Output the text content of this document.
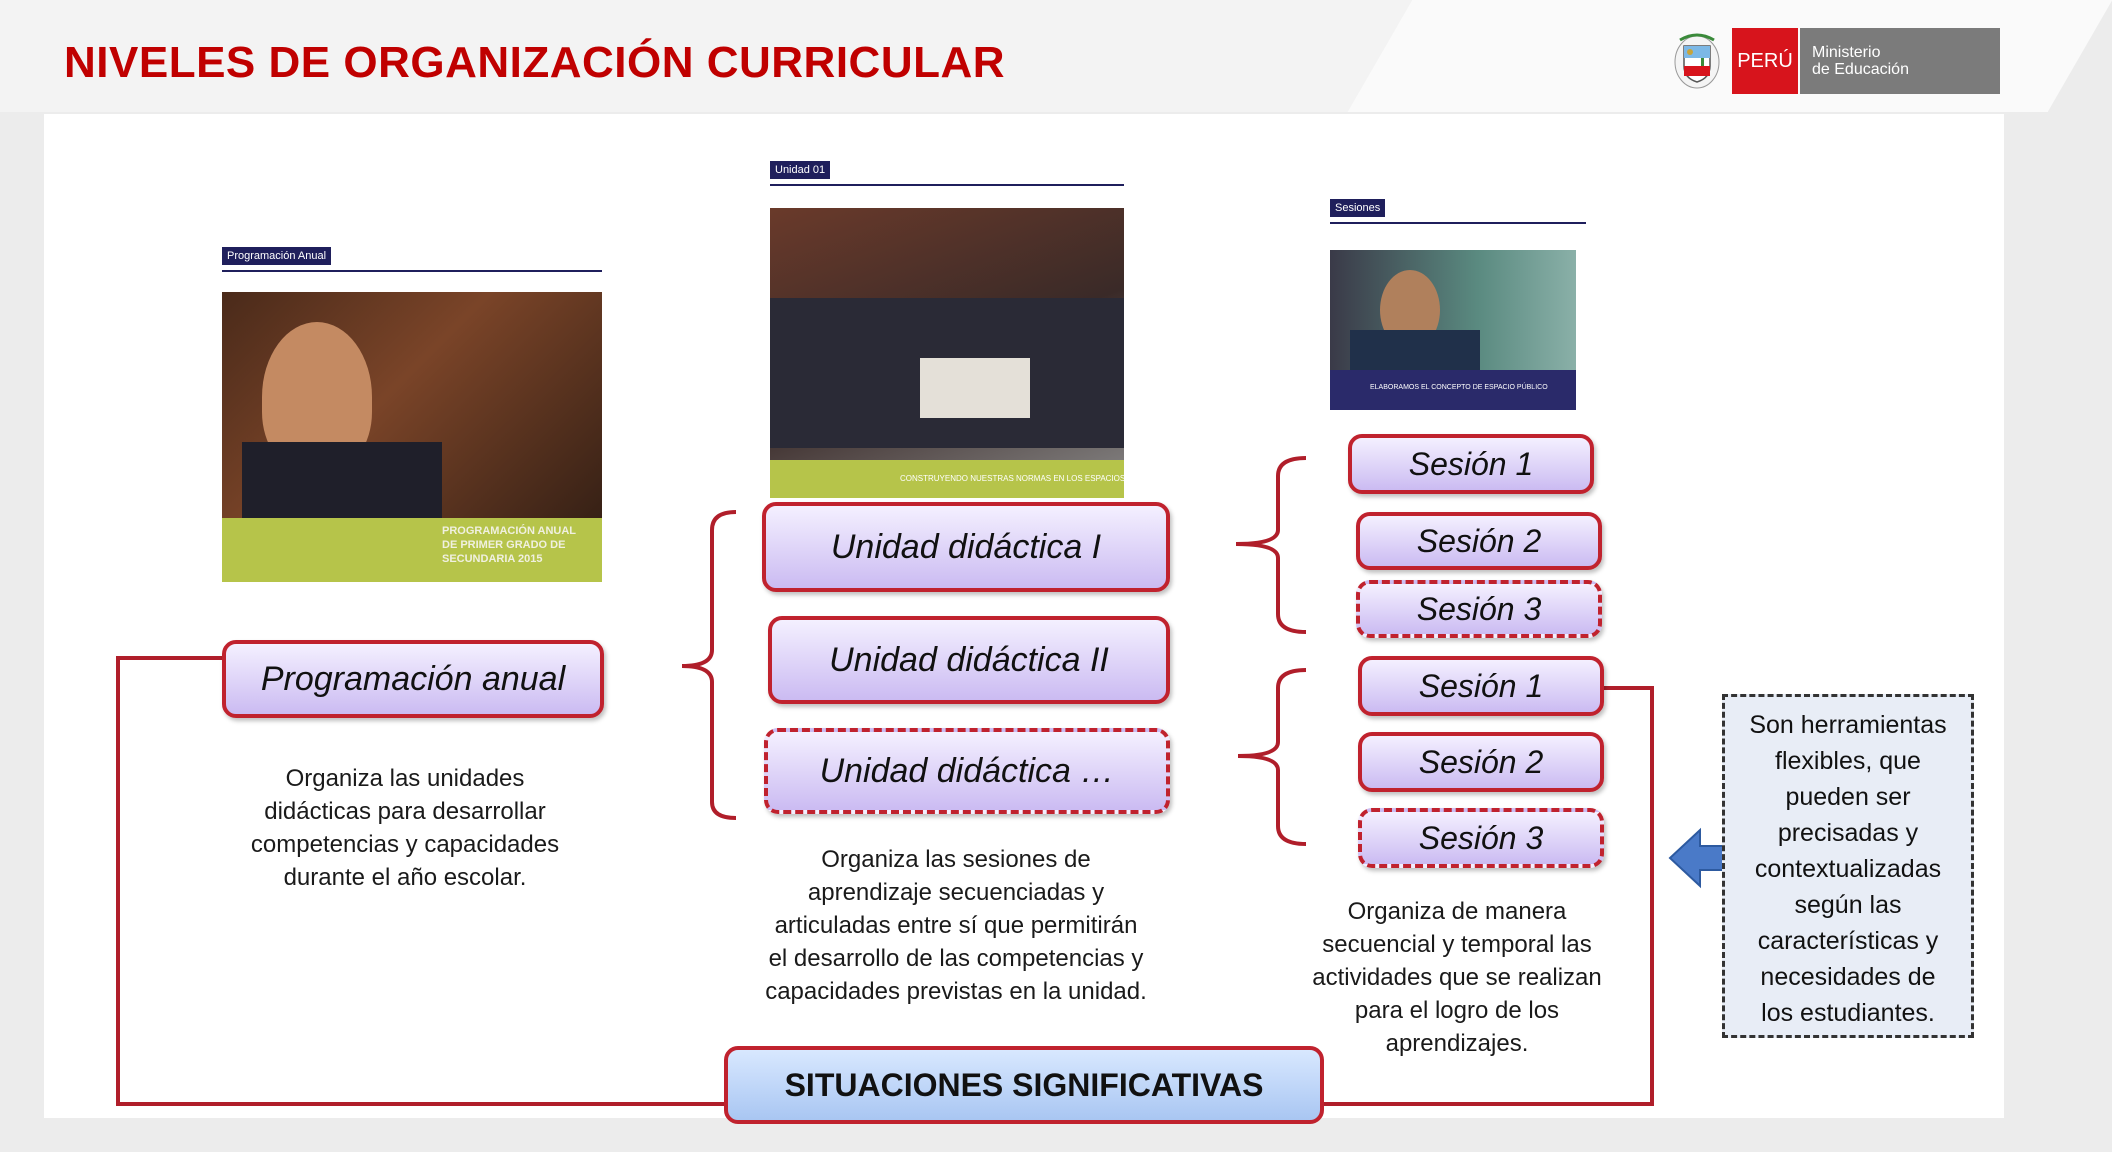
NIVELES DE ORGANIZACIÓN CURRICULAR	PERÚ Ministerio
de Educación
Programación Anual
PROGRAMACIÓN ANUAL DE PRIMER GRADO DE SECUNDARIA 2015
Unidad 01
CONSTRUYENDO NUESTRAS NORMAS EN LOS ESPACIOS DE LA ESCUELA
Sesiones
ELABORAMOS EL CONCEPTO DE ESPACIO PÚBLICO
Programación anual
Organiza las unidades
didácticas para desarrollar
competencias y capacidades
durante el año escolar.
Unidad didáctica I
Unidad didáctica II
Unidad didáctica …
Organiza las sesiones de
aprendizaje secuenciadas y
articuladas entre sí que permitirán
el desarrollo de las competencias y
capacidades previstas en la unidad.
Sesión 1
Sesión 2
Sesión 3
Sesión 1
Sesión 2
Sesión 3
Organiza de manera
secuencial y temporal las
actividades que se realizan
para el logro de los
aprendizajes.
Son herramientas
flexibles, que
pueden ser
precisadas y
contextualizadas
según las
características y
necesidades de
los estudiantes.
SITUACIONES SIGNIFICATIVAS
